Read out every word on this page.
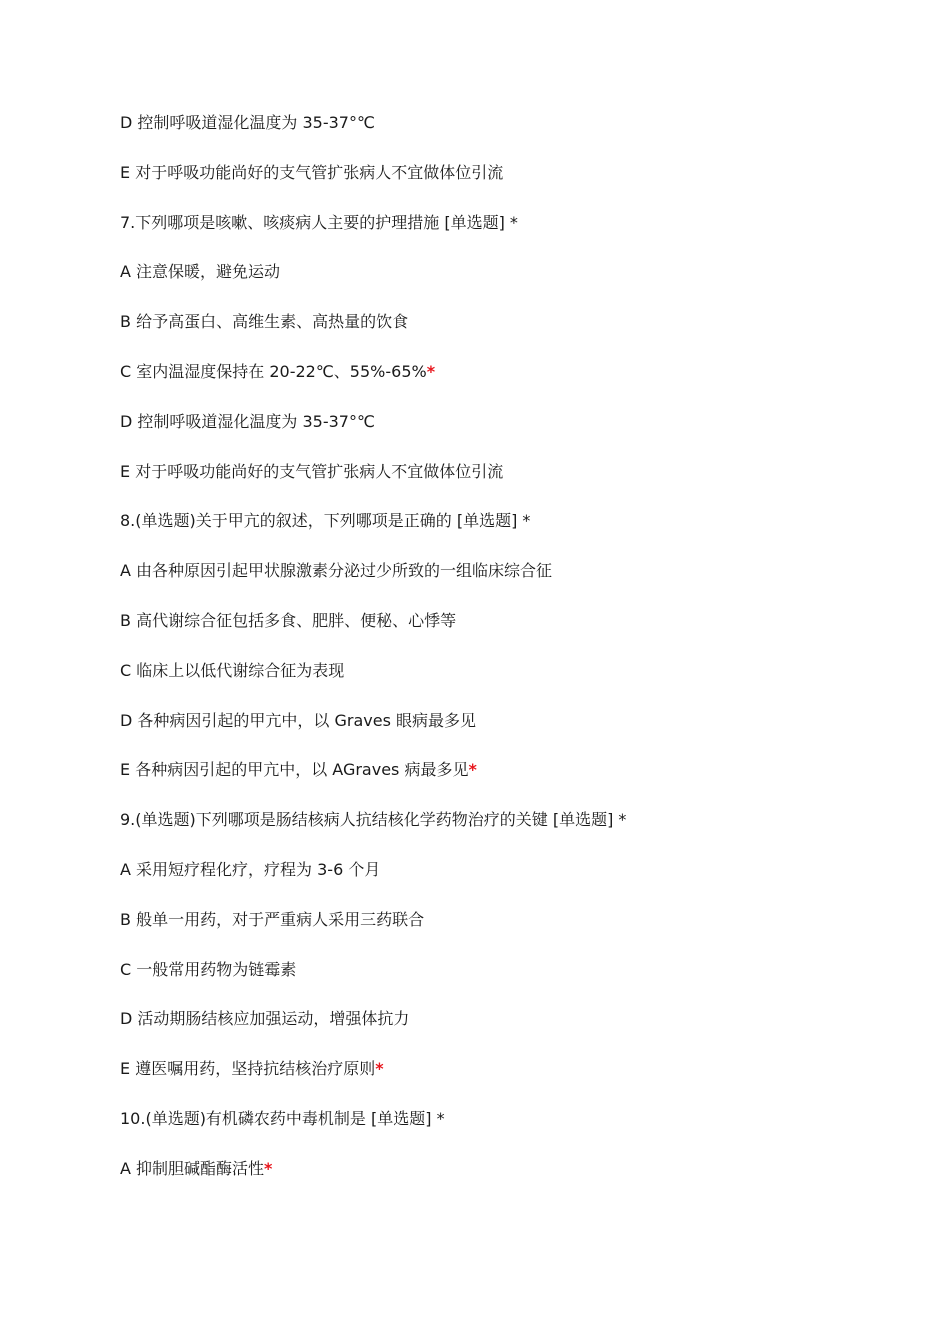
D 控制呼吸道湿化温度为 35-37°℃
E 对于呼吸功能尚好的支气管扩张病人不宜做体位引流
7.下列哪项是咳嗽、咳痰病人主要的护理措施 [单选题] *
A 注意保暖，避免运动
B 给予高蛋白、高维生素、高热量的饮食
C 室内温湿度保持在 20-22℃、55%-65%*
D 控制呼吸道湿化温度为 35-37°℃
E 对于呼吸功能尚好的支气管扩张病人不宜做体位引流
8.(单选题)关于甲亢的叙述，下列哪项是正确的 [单选题] *
A 由各种原因引起甲状腺激素分泌过少所致的一组临床综合征
B 高代谢综合征包括多食、肥胖、便秘、心悸等
C 临床上以低代谢综合征为表现
D 各种病因引起的甲亢中，以 Graves 眼病最多见
E 各种病因引起的甲亢中，以 AGraves 病最多见*
9.(单选题)下列哪项是肠结核病人抗结核化学药物治疗的关键 [单选题] *
A 采用短疗程化疗，疗程为 3-6 个月
B 般单一用药，对于严重病人采用三药联合
C 一般常用药物为链霉素
D 活动期肠结核应加强运动，增强体抗力
E 遵医嘱用药，坚持抗结核治疗原则*
10.(单选题)有机磷农药中毒机制是 [单选题] *
A 抑制胆碱酯酶活性*
